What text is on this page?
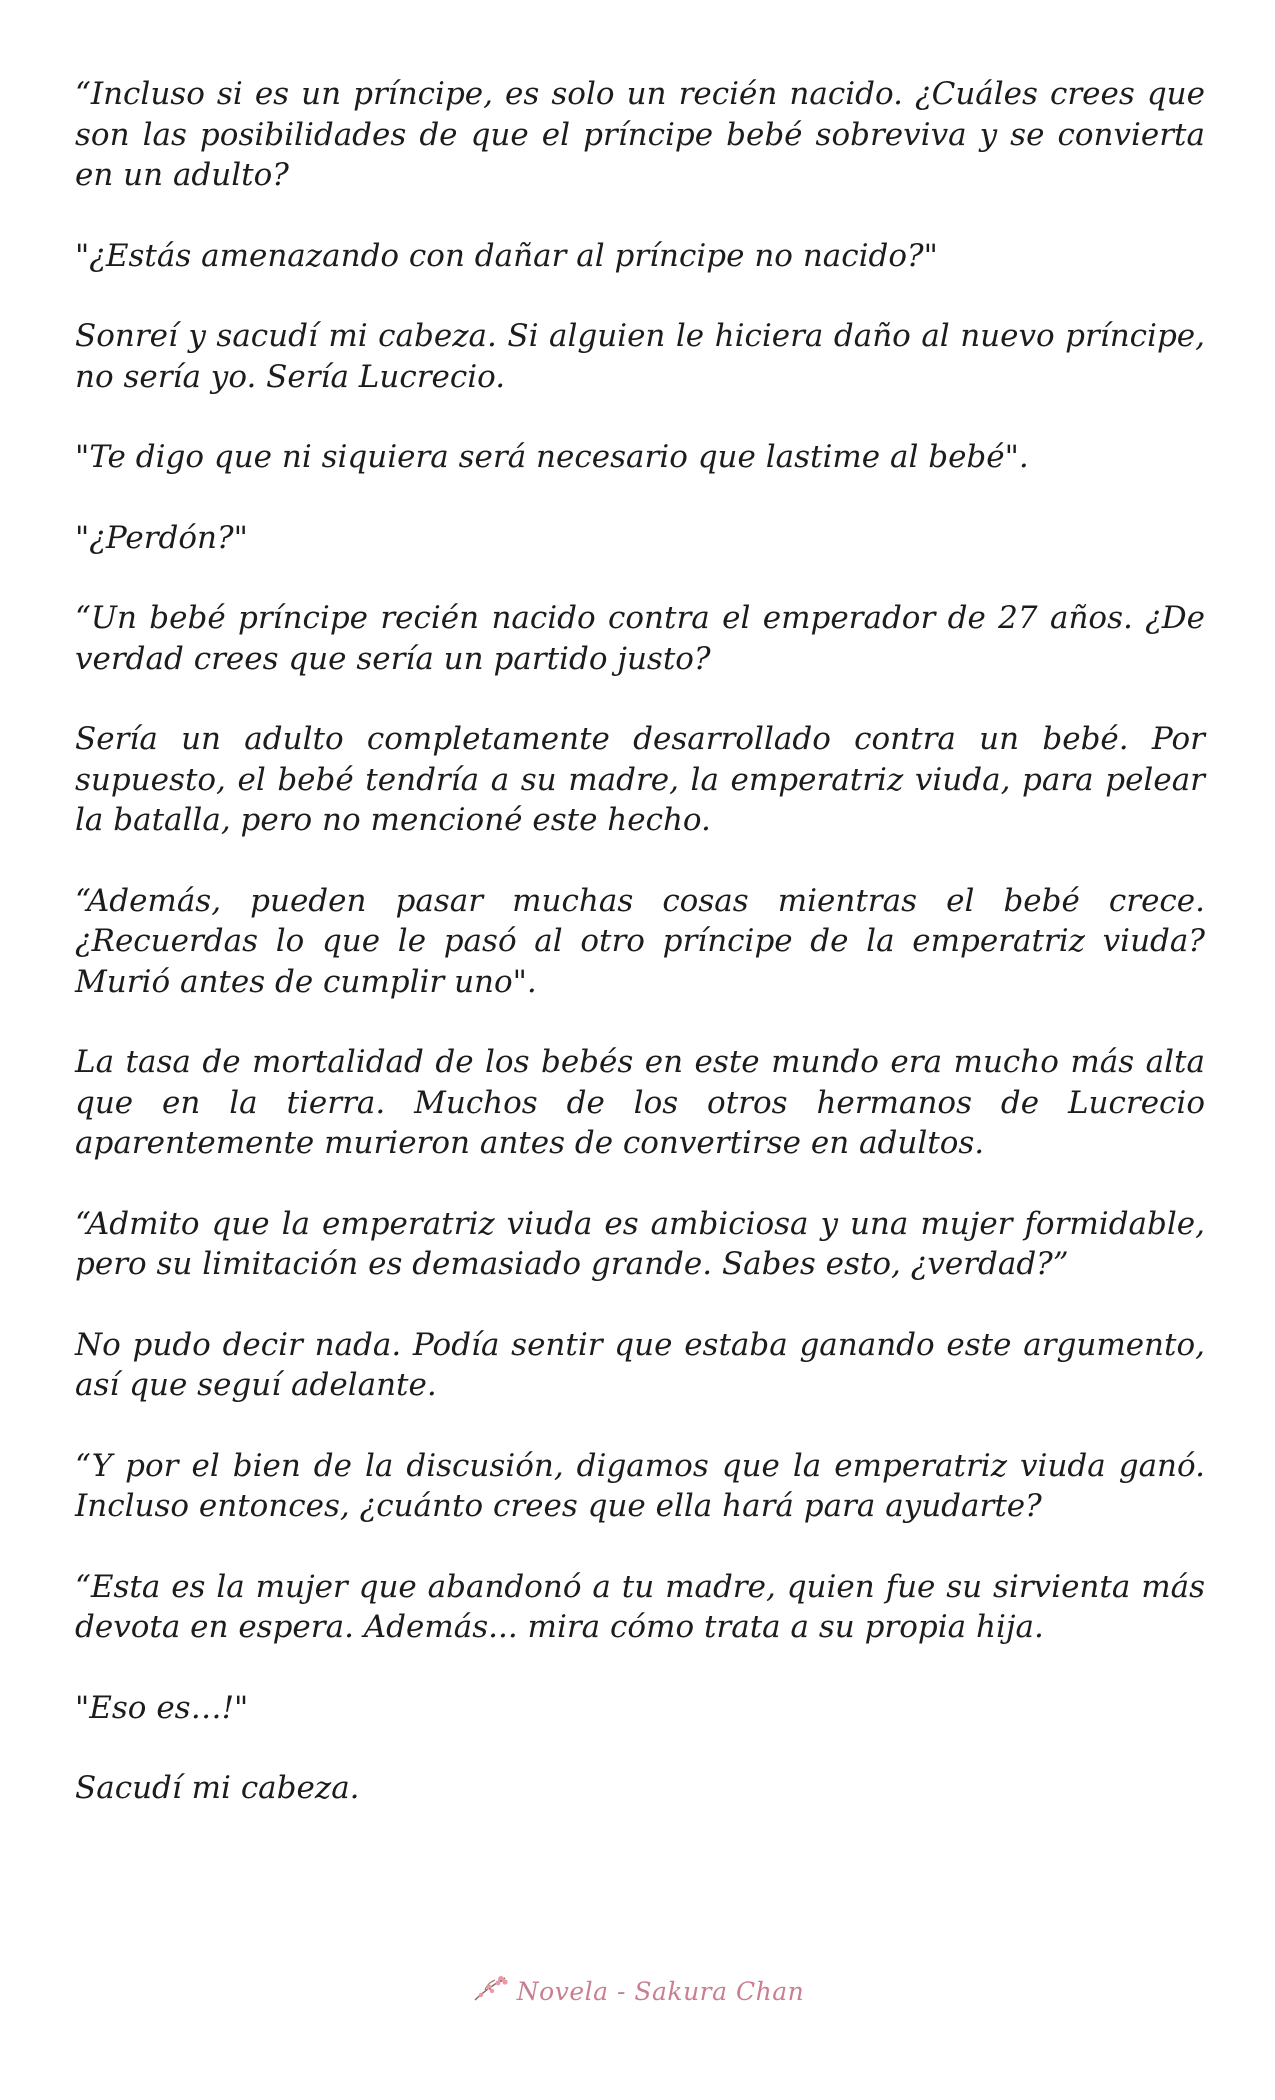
“Incluso si es un príncipe, es solo un recién nacido. ¿Cuáles crees que son las posibilidades de que el príncipe bebé sobreviva y se convierta en un adulto?

"¿Estás amenazando con dañar al príncipe no nacido?"

Sonreí y sacudí mi cabeza. Si alguien le hiciera daño al nuevo príncipe, no sería yo. Sería Lucrecio.

"Te digo que ni siquiera será necesario que lastime al bebé".

"¿Perdón?"

“Un bebé príncipe recién nacido contra el emperador de 27 años. ¿De verdad crees que sería un partido justo?

Sería un adulto completamente desarrollado contra un bebé. Por supuesto, el bebé tendría a su madre, la emperatriz viuda, para pelear la batalla, pero no mencioné este hecho.

“Además, pueden pasar muchas cosas mientras el bebé crece. ¿Recuerdas lo que le pasó al otro príncipe de la emperatriz viuda? Murió antes de cumplir uno".

La tasa de mortalidad de los bebés en este mundo era mucho más alta que en la tierra. Muchos de los otros hermanos de Lucrecio aparentemente murieron antes de convertirse en adultos.

“Admito que la emperatriz viuda es ambiciosa y una mujer formidable, pero su limitación es demasiado grande. Sabes esto, ¿verdad?”

No pudo decir nada. Podía sentir que estaba ganando este argumento, así que seguí adelante.

“Y por el bien de la discusión, digamos que la emperatriz viuda ganó. Incluso entonces, ¿cuánto crees que ella hará para ayudarte?

“Esta es la mujer que abandonó a tu madre, quien fue su sirvienta más devota en espera. Además... mira cómo trata a su propia hija.

"Eso es…!"

Sacudí mi cabeza.

Novela - Sakura Chan
